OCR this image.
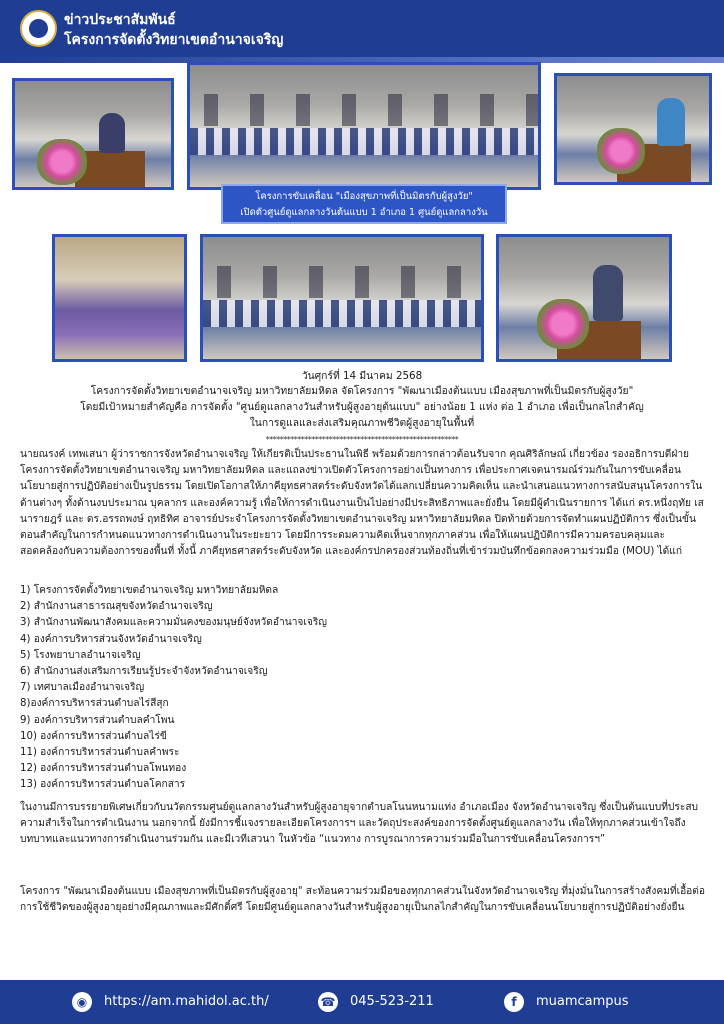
ข่าวประชาสัมพันธ์
โครงการจัดตั้งวิทยาเขตอำนาจเจริญ
โครงการขับเคลื่อน "เมืองสุขภาพที่เป็นมิตรกับผู้สูงวัย"
เปิดตัวศูนย์ดูแลกลางวันต้นแบบ 1 อำเภอ 1 ศูนย์ดูแลกลางวัน
วันศุกร์ที่ 14 มีนาคม 2568
โครงการจัดตั้งวิทยาเขตอำนาจเจริญ มหาวิทยาลัยมหิดล จัดโครงการ "พัฒนาเมืองต้นแบบ เมืองสุขภาพที่เป็นมิตรกับผู้สูงวัย"
โดยมีเป้าหมายสำคัญคือ การจัดตั้ง "ศูนย์ดูแลกลางวันสำหรับผู้สูงอายุต้นแบบ" อย่างน้อย 1 แห่ง ต่อ 1 อำเภอ เพื่อเป็นกลไกสำคัญ
ในการดูแลและส่งเสริมคุณภาพชีวิตผู้สูงอายุในพื้นที่
*******************************************************
นายณรงค์ เทพเสนา ผู้ว่าราชการจังหวัดอำนาจเจริญ ให้เกียรติเป็นประธานในพิธี พร้อมด้วยการกล่าวต้อนรับจาก คุณศิริลักษณ์ เกี่ยวข้อง รองอธิการบดีฝ่ายโครงการจัดตั้งวิทยาเขตอำนาจเจริญ มหาวิทยาลัยมหิดล และแถลงข่าวเปิดตัวโครงการอย่างเป็นทางการ เพื่อประกาศเจตนารมณ์ร่วมกันในการขับเคลื่อนนโยบายสู่การปฏิบัติอย่างเป็นรูปธรรม โดยเปิดโอกาสให้ภาคียุทธศาสตร์ระดับจังหวัดได้แลกเปลี่ยนความคิดเห็น และนำเสนอแนวทางการสนับสนุนโครงการในด้านต่างๆ ทั้งด้านงบประมาณ บุคลากร และองค์ความรู้ เพื่อให้การดำเนินงานเป็นไปอย่างมีประสิทธิภาพและยั่งยืน โดยมีผู้ดำเนินรายการ ได้แก่ ดร.หนึ่งฤทัย เสนารายฎร์ และ ดร.อรรถพงษ์ ฤทธิทิศ อาจารย์ประจำโครงการจัดตั้งวิทยาเขตอำนาจเจริญ มหาวิทยาลัยมหิดล ปิดท้ายด้วยการจัดทำแผนปฏิบัติการ ซึ่งเป็นขั้นตอนสำคัญในการกำหนดแนวทางการดำเนินงานในระยะยาว โดยมีการระดมความคิดเห็นจากทุกภาคส่วน เพื่อให้แผนปฏิบัติการมีความครอบคลุมและสอดคล้องกับความต้องการของพื้นที่ ทั้งนี้ ภาคียุทธศาสตร์ระดับจังหวัด และองค์กรปกครองส่วนท้องถิ่นที่เข้าร่วมบันทึกข้อตกลงความร่วมมือ (MOU) ได้แก่
1) โครงการจัดตั้งวิทยาเขตอำนาจเจริญ มหาวิทยาลัยมหิดล
2) สำนักงานสาธารณสุขจังหวัดอำนาจเจริญ
3) สำนักงานพัฒนาสังคมและความมั่นคงของมนุษย์จังหวัดอำนาจเจริญ
4) องค์การบริหารส่วนจังหวัดอำนาจเจริญ
5) โรงพยาบาลอำนาจเจริญ
6) สำนักงานส่งเสริมการเรียนรู้ประจำจังหวัดอำนาจเจริญ
7) เทศบาลเมืองอำนาจเจริญ
8)องค์การบริหารส่วนตำบลไร่สีสุก
9) องค์การบริหารส่วนตำบลคำโพน
10) องค์การบริหารส่วนตำบลไร่ขี
11) องค์การบริหารส่วนตำบลคำพระ
12) องค์การบริหารส่วนตำบลโพนทอง
13) องค์การบริหารส่วนตำบลโคกสาร
ในงานมีการบรรยายพิเศษเกี่ยวกับนวัตกรรมศูนย์ดูแลกลางวันสำหรับผู้สูงอายุจากตำบลโนนหนามแท่ง อำเภอเมือง จังหวัดอำนาจเจริญ ซึ่งเป็นต้นแบบที่ประสบความสำเร็จในการดำเนินงาน นอกจากนี้ ยังมีการชี้แจงรายละเอียดโครงการฯ และวัตถุประสงค์ของการจัดตั้งศูนย์ดูแลกลางวัน เพื่อให้ทุกภาคส่วนเข้าใจถึงบทบาทและแนวทางการดำเนินงานร่วมกัน และมีเวทีเสวนา ในหัวข้อ “แนวทาง การบูรณาการความร่วมมือในการขับเคลื่อนโครงการฯ”
โครงการ "พัฒนาเมืองต้นแบบ เมืองสุขภาพที่เป็นมิตรกับผู้สูงอายุ" สะท้อนความร่วมมือของทุกภาคส่วนในจังหวัดอำนาจเจริญ ที่มุ่งมั่นในการสร้างสังคมที่เอื้อต่อการใช้ชีวิตของผู้สูงอายุอย่างมีคุณภาพและมีศักดิ์ศรี โดยมีศูนย์ดูแลกลางวันสำหรับผู้สูงอายุเป็นกลไกสำคัญในการขับเคลื่อนนโยบายสู่การปฏิบัติอย่างยั่งยืน
◉	https://am.mahidol.ac.th/	☎ 045-523-211	f	muamcampus
